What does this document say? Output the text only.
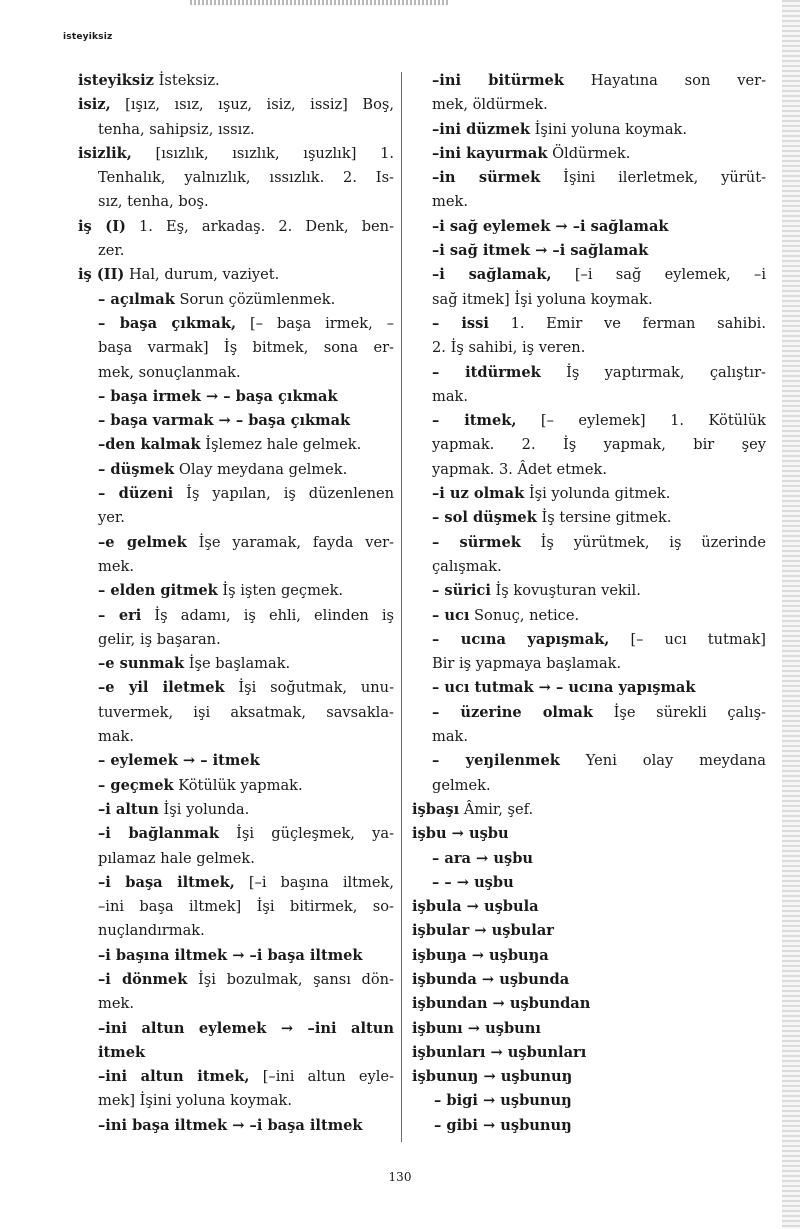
isteyiksiz
isteyiksiz İsteksiz.
isiz, [ışız, ısız, ışuz, isiz, issiz] Boş,
tenha, sahipsiz, ıssız.
isizlik, [ısızlık, ısızlık, ışuzlık] 1.
Tenhalık, yalnızlık, ıssızlık. 2. Is-
sız, tenha, boş.
iş (I) 1. Eş, arkadaş. 2. Denk, ben-
zer.
iş (II) Hal, durum, vaziyet.
– açılmak Sorun çözümlenmek.
– başa çıkmak, [– başa irmek, –
başa varmak] İş bitmek, sona er-
mek, sonuçlanmak.
– başa irmek → – başa çıkmak
– başa varmak → – başa çıkmak
–den kalmak İşlemez hale gelmek.
– düşmek Olay meydana gelmek.
– düzeni İş yapılan, iş düzenlenen
yer.
–e gelmek İşe yaramak, fayda ver-
mek.
– elden gitmek İş işten geçmek.
– eri İş adamı, iş ehli, elinden iş
gelir, iş başaran.
–e sunmak İşe başlamak.
–e yil iletmek İşi soğutmak, unu-
tuvermek, işi aksatmak, savsakla-
mak.
– eylemek → – itmek
– geçmek Kötülük yapmak.
–i altun İşi yolunda.
–i bağlanmak İşi güçleşmek, ya-
pılamaz hale gelmek.
–i başa iltmek, [–i başına iltmek,
–ini başa iltmek] İşi bitirmek, so-
nuçlandırmak.
–i başına iltmek → –i başa iltmek
–i dönmek İşi bozulmak, şansı dön-
mek.
–ini altun eylemek → –ini altun
itmek
–ini altun itmek, [–ini altun eyle-
mek] İşini yoluna koymak.
–ini başa iltmek → –i başa iltmek
–ini bitürmek Hayatına son ver-
mek, öldürmek.
–ini düzmek İşini yoluna koymak.
–ini kayurmak Öldürmek.
–in sürmek İşini ilerletmek, yürüt-
mek.
–i sağ eylemek → –i sağlamak
–i sağ itmek → –i sağlamak
–i sağlamak, [–i sağ eylemek, –i
sağ itmek] İşi yoluna koymak.
– issi 1. Emir ve ferman sahibi.
2. İş sahibi, iş veren.
– itdürmek İş yaptırmak, çalıştır-
mak.
– itmek, [– eylemek] 1. Kötülük
yapmak. 2. İş yapmak, bir şey
yapmak. 3. Âdet etmek.
–i uz olmak İşi yolunda gitmek.
– sol düşmek İş tersine gitmek.
– sürmek İş yürütmek, iş üzerinde
çalışmak.
– sürici İş kovuşturan vekil.
– ucı Sonuç, netice.
– ucına yapışmak, [– ucı tutmak]
Bir iş yapmaya başlamak.
– ucı tutmak → – ucına yapışmak
– üzerine olmak İşe sürekli çalış-
mak.
– yeŋilenmek Yeni olay meydana
gelmek.
işbaşı Âmir, şef.
işbu → uşbu
– ara → uşbu
– – → uşbu
işbula → uşbula
işbular → uşbular
işbuŋa → uşbuŋa
işbunda → uşbunda
işbundan → uşbundan
işbunı → uşbunı
işbunları → uşbunları
işbunuŋ → uşbunuŋ
– bigi → uşbunuŋ
– gibi → uşbunuŋ
130
